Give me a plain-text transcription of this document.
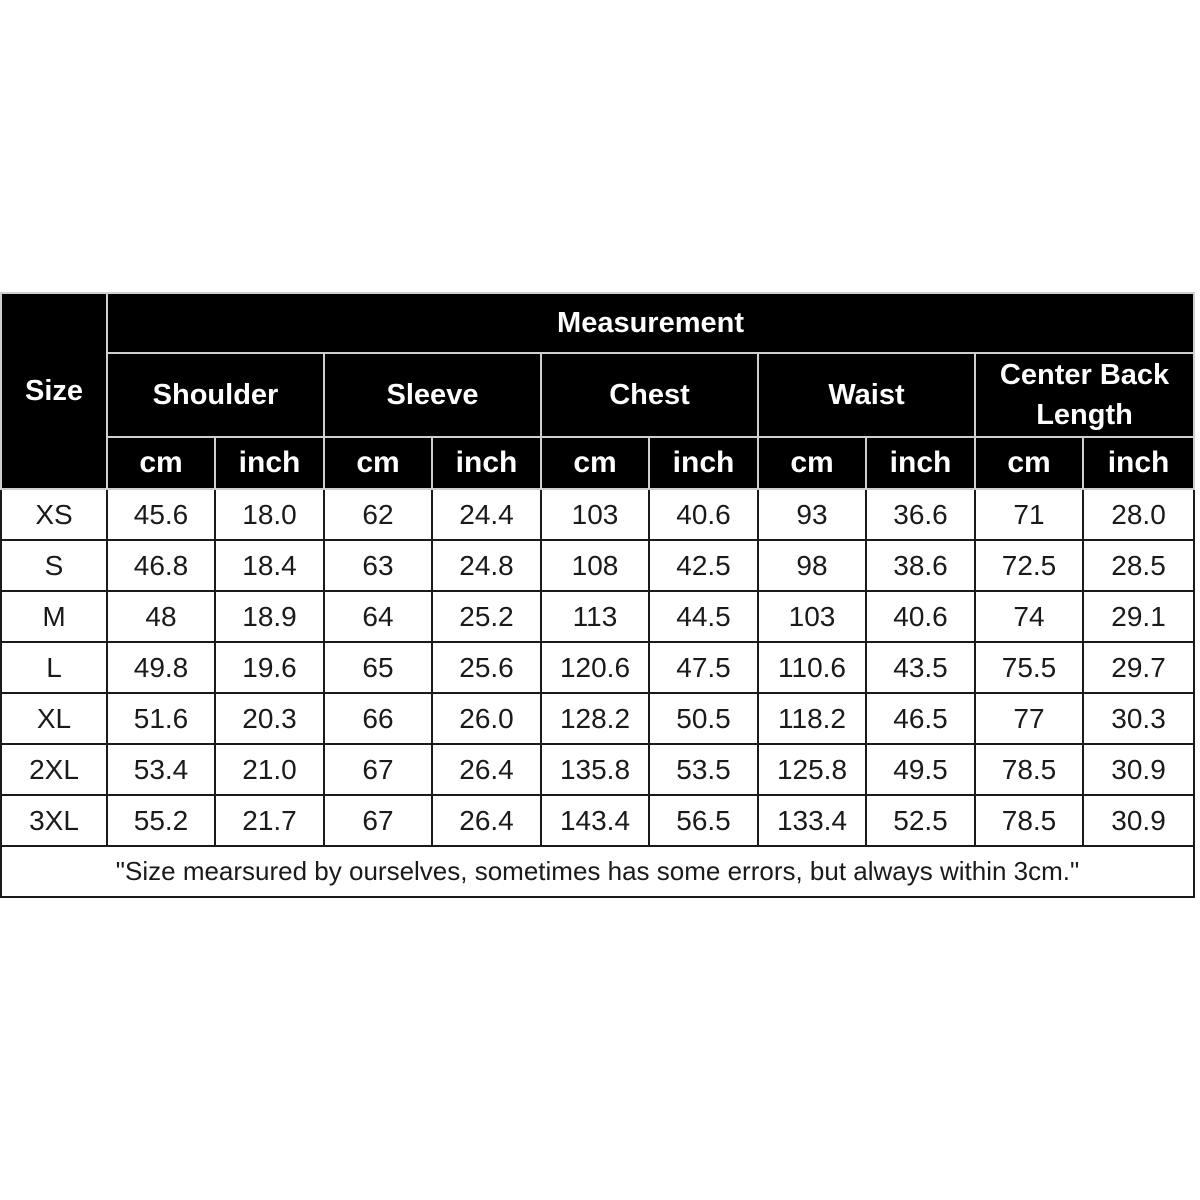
Size	Measurement									
	Shoulder		Sleeve		Chest		Waist		Center Back Length	
	cm	inch	cm	inch	cm	inch	cm	inch	cm	inch
XS	45.6	18.0	62	24.4	103	40.6	93	36.6	71	28.0
S	46.8	18.4	63	24.8	108	42.5	98	38.6	72.5	28.5
M	48	18.9	64	25.2	113	44.5	103	40.6	74	29.1
L	49.8	19.6	65	25.6	120.6	47.5	110.6	43.5	75.5	29.7
XL	51.6	20.3	66	26.0	128.2	50.5	118.2	46.5	77	30.3
2XL	53.4	21.0	67	26.4	135.8	53.5	125.8	49.5	78.5	30.9
3XL	55.2	21.7	67	26.4	143.4	56.5	133.4	52.5	78.5	30.9
"Size mearsured by ourselves, sometimes has some errors, but always within 3cm."										
